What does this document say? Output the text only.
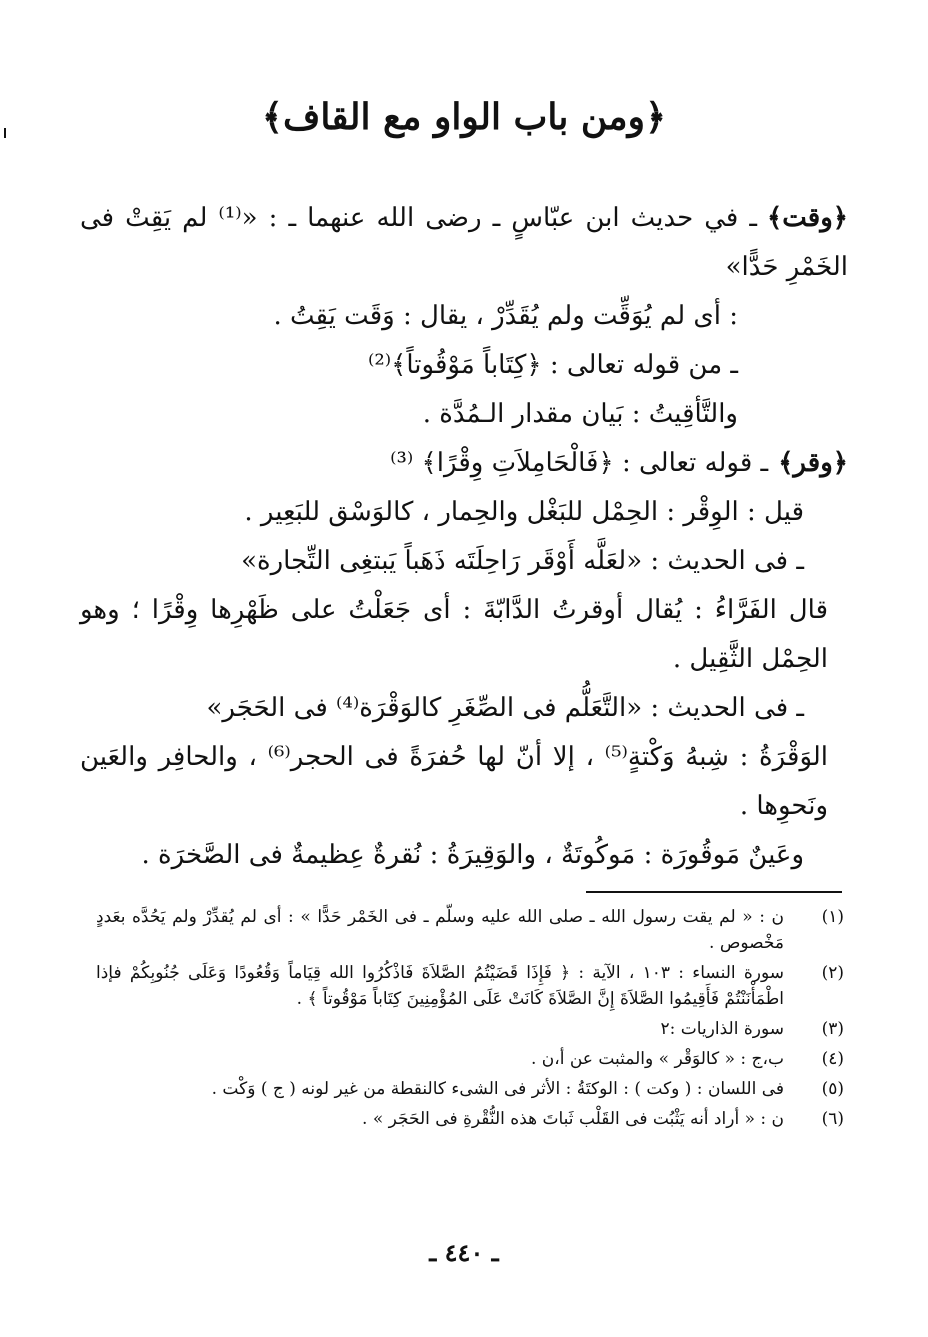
﴿ومن باب الواو مع القاف﴾

﴿وقت﴾ـ في حديث ابن عبّاسٍ ـ رضى الله عنهما ـ : «⁽¹⁾ لم يَقِتْ فى الخَمْرِ حَدًّا»

: أى لم يُوَقِّت ولم يُقَدِّرْ ، يقال : وَقَت يَقِتُ .

ـ من قوله تعالى : ﴿كِتَاباً مَوْقُوتاً﴾⁽²⁾

والتَّأقِيتُ : بَيان مقدار الـمُدَّة .

﴿وقر﴾ـ قوله تعالى : ﴿فَالْحَامِلاَتِ وِقْرًا﴾ ⁽³⁾

قيل : الوِقْر : الحِمْل للبَغْل والحِمار ، كالوَسْق للبَعِير .

ـ فى الحديث : «لعَلَّه أَوْقَر رَاحِلَتَه ذَهَباً يَبتغِى التِّجارة»

قال الفَرَّاءُ : يُقال أوقرتُ الدَّابّةَ : أى جَعَلْتُ على ظَهْرِها وِقْرًا ؛ وهو الحِمْل الثَّقِيل .

ـ فى الحديث : «التَّعَلُّم فى الصِّغَرِ كالوَقْرَة⁽⁴⁾ فى الحَجَر»

الوَقْرَةُ : شِبهُ وَكْتةٍ⁽⁵⁾ ، إلا أنّ لها حُفرَةً فى الحجر⁽⁶⁾ ، والحافِر والعَين ونَحوِها .

وعَينٌ مَوقُورَة : مَوكُوتَةٌ ، والوَقِيرَةُ : نُقرةٌ عِظيمةٌ فى الصَّخرَة .

(١)
ن : « لم يقت رسول الله ـ صلى الله عليه وسلّم ـ فى الخَمْر حَدًّا » : أى لم يُقدِّرْ ولم يَحُدَّه بعَددٍ مَخْصوص .
(٢)
سورة النساء : ١٠٣ ، الآية : ﴿ فَإِذَا قَضَيْتُمُ الصَّلاَةَ فَاذْكُرُوا الله قِيَاماً وَقُعُودًا وَعَلَى جُنُوبِكُمْ فإذا اطْمَأْنَنْتُمْ فَأَقِيمُوا الصَّلاَةَ إِنَّ الصَّلاَةَ كَانَتْ عَلَى المُؤْمِنِينَ كِتَاباً مَوْقُوتاً ﴾ .
(٣)
سورة الذاريات :٢
(٤)
ب،ج : « كالوَقْر » والمثبت عن أ،ن .
(٥)
فى اللسان : ( وكت ) : الوكتَةُ : الأثر فى الشىء كالنقطة من غير لونه ( ج ) وَكْت .
(٦)
ن : « أراد أنه يَثْبُت فى القَلْب ثَباتَ هذه النُّقْرةِ فى الحَجَر » .
ـ ٤٤٠ ـ
